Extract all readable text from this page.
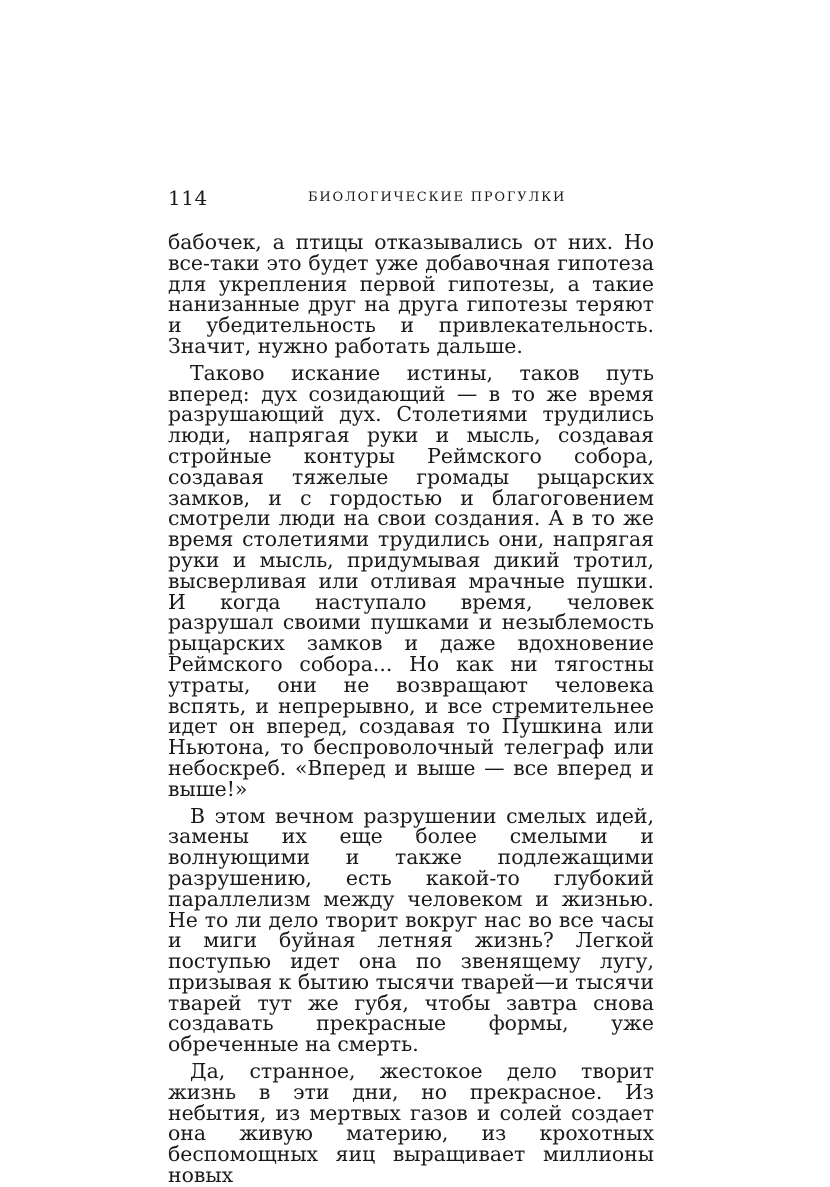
114	БИОЛОГИЧЕСКИЕ ПРОГУЛКИ

бабочек, а птицы отказывались от них. Но все-таки это будет уже добавочная гипотеза для укрепления первой гипотезы, а такие нанизанные друг на друга гипотезы теряют и убедительность и привлекательность. Значит, нужно работать дальше.

Таково искание истины, таков путь вперед: дух созидающий — в то же время разрушающий дух. Столетиями трудились люди, напрягая руки и мысль, создавая стройные контуры Реймского собора, создавая тяжелые громады рыцарских замков, и с гордостью и благоговением смотрели люди на свои создания. А в то же время столетиями трудились они, напрягая руки и мысль, придумывая дикий тротил, высверливая или отливая мрачные пушки. И когда наступало время, человек разрушал своими пушками и незыблемость рыцарских замков и даже вдохновение Реймского собора... Но как ни тягостны утраты, они не возвращают человека вспять, и непрерывно, и все стремительнее идет он вперед, создавая то Пушкина или Ньютона, то беспроволочный телеграф или небоскреб. «Вперед и выше — все вперед и выше!»

В этом вечном разрушении смелых идей, замены их еще более смелыми и волнующими и также подлежащими разрушению, есть какой-то глубокий параллелизм между человеком и жизнью. Не то ли дело творит вокруг нас во все часы и миги буйная летняя жизнь? Легкой поступью идет она по звенящему лугу, призывая к бытию тысячи тварей—и тысячи тварей тут же губя, чтобы завтра снова создавать прекрасные формы, уже обреченные на смерть.

Да, странное, жестокое дело творит жизнь в эти дни, но прекрасное. Из небытия, из мертвых газов и солей создает она живую материю, из крохотных беспомощных яиц выращивает миллионы новых
